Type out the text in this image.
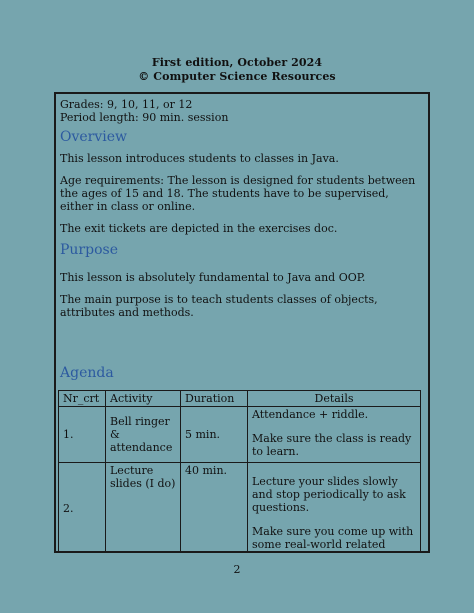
First edition, October 2024
© Computer Science Resources

Grades: 9, 10, 11, or 12

Period length: 90 min. session

Overview

This lesson introduces students to classes in Java.

Age requirements: The lesson is designed for students between the ages of 15 and 18. The students have to be supervised, either in class or online.

The exit tickets are depicted in the exercises doc.

Purpose

This lesson is absolutely fundamental to Java and OOP.

The main purpose is to teach students classes of objects, attributes and methods.

Agenda

Nr_crt	Activity	Duration	Details
1.	Bell ringer & attendance	5 min.	Attendance + riddle.
Make sure the class is ready to learn.

2.	Lecture slides (I do)	40 min.	Lecture your slides slowly and stop periodically to ask questions.
Make sure you come up with some real-world related
2
